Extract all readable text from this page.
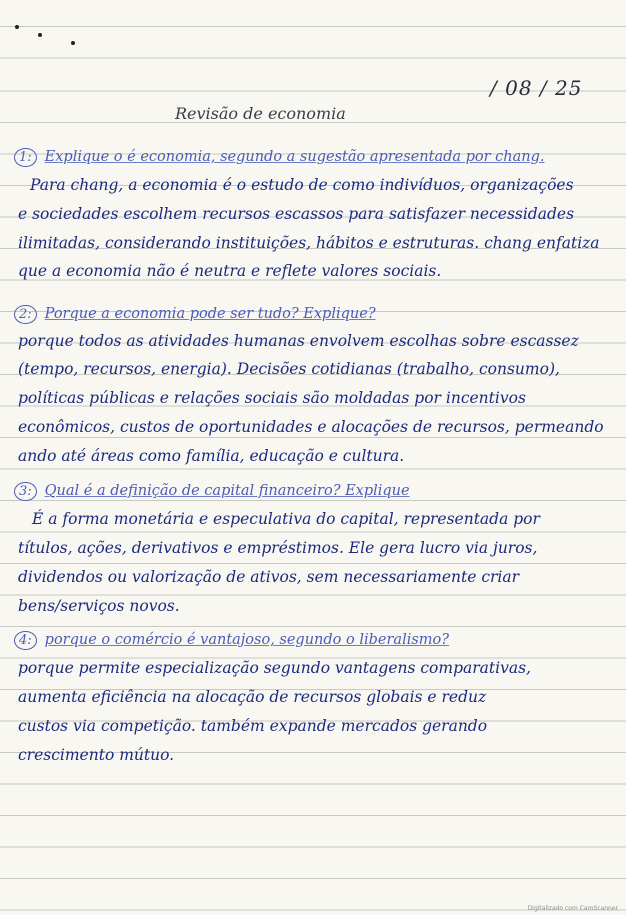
/ 08 / 25
Revisão de economia
1: Explique o é economia, segundo a sugestão apresentada por chang.
Para chang, a economia é o estudo de como indivíduos, organizações
e sociedades escolhem recursos escassos para satisfazer necessidades
ilimitadas, considerando instituições, hábitos e estruturas. chang enfatiza
que a economia não é neutra e reflete valores sociais.
2: Porque a economia pode ser tudo? Explique?
porque todos as atividades humanas envolvem escolhas sobre escassez
(tempo, recursos, energia). Decisões cotidianas (trabalho, consumo),
políticas públicas e relações sociais são moldadas por incentivos
econômicos, custos de oportunidades e alocações de recursos, permeando
ando até áreas como família, educação e cultura.
3: Qual é a definição de capital financeiro? Explique
É a forma monetária e especulativa do capital, representada por
títulos, ações, derivativos e empréstimos. Ele gera lucro via juros,
dividendos ou valorização de ativos, sem necessariamente criar
bens/serviços novos.
4: porque o comércio é vantajoso, segundo o liberalismo?
porque permite especialização segundo vantagens comparativas,
aumenta eficiência na alocação de recursos globais e reduz
custos via competição. também expande mercados gerando
crescimento mútuo.
Digitalizado com CamScanner
